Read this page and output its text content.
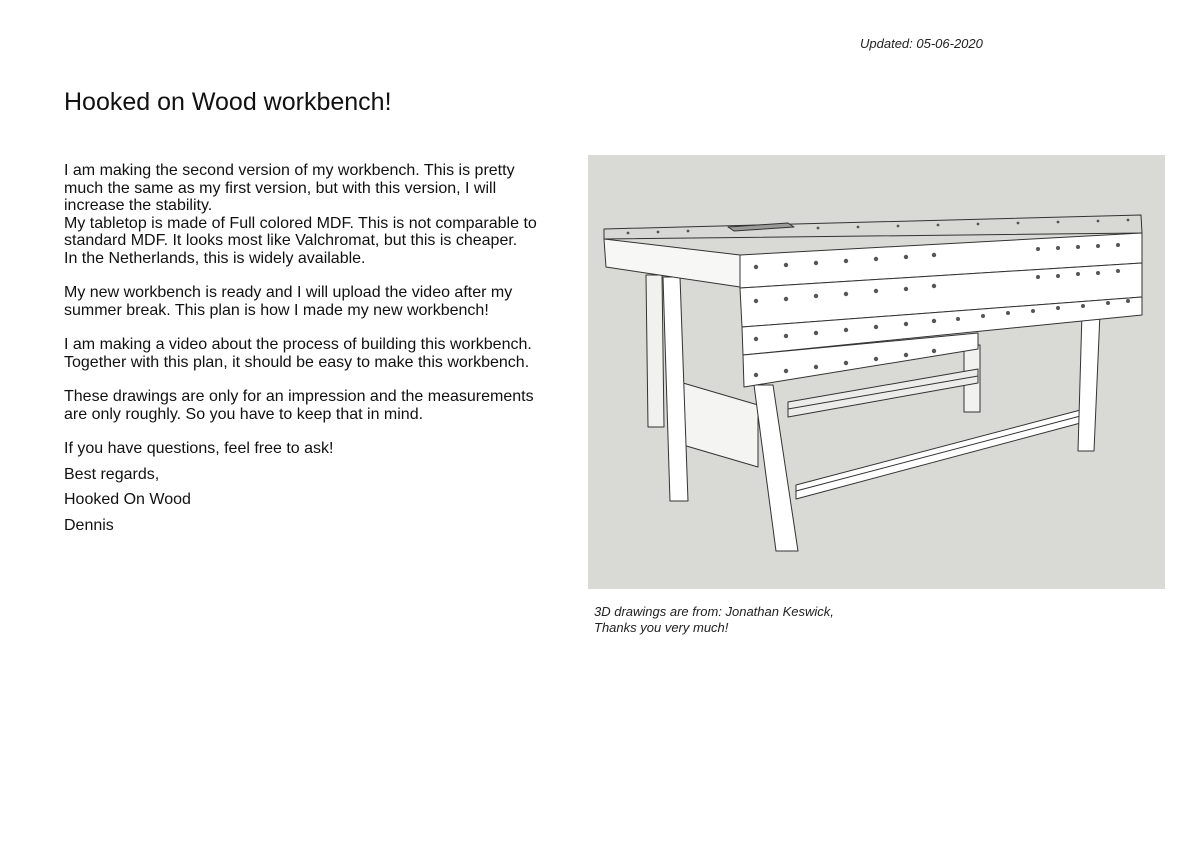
Updated: 05-06-2020
Hooked on Wood workbench!

I am making the second version of my workbench. This is pretty much the same as my first version, but with this version, I will increase the stability.
My tabletop is made of Full colored MDF. This is not comparable to standard MDF. It looks most like Valchromat, but this is cheaper.
In the Netherlands, this is widely available.

My new workbench is ready and I will upload the video after my summer break. This plan is how I made my new workbench!

I am making a video about the process of building this workbench. Together with this plan, it should be easy to make this workbench.

These drawings are only for an impression and the measurements are only roughly. So you have to keep that in mind.

If you have questions, feel free to ask!

Best regards,

Hooked On Wood

Dennis

3D drawings are from: Jonathan Keswick,
Thanks you very much!
